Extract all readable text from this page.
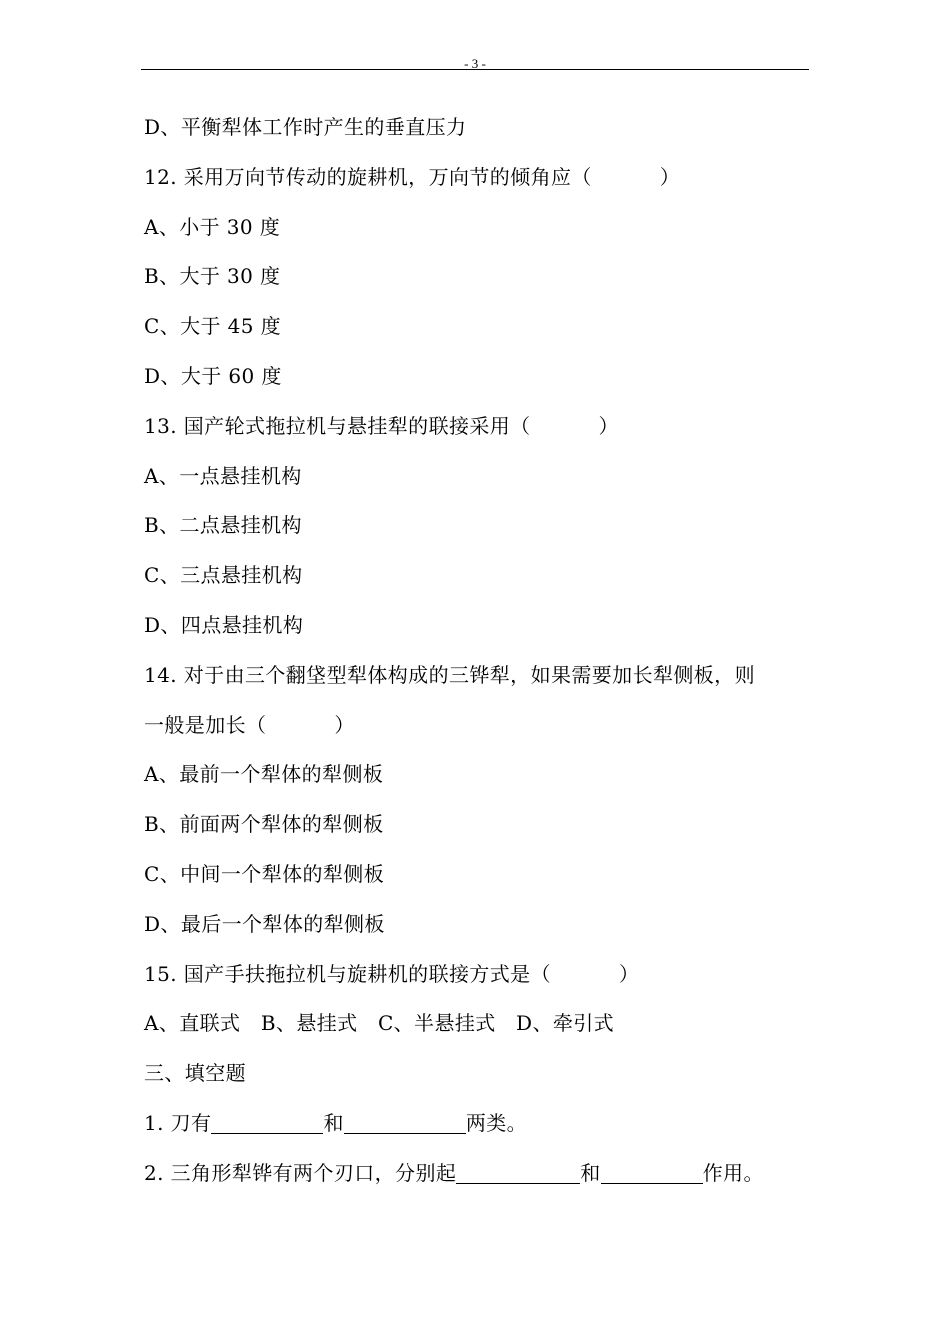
- 3 -
D、平衡犁体工作时产生的垂直压力
12. 采用万向节传动的旋耕机，万向节的倾角应（　　　 ）
A、小于 30 度
B、大于 30 度
C、大于 45 度
D、大于 60 度
13. 国产轮式拖拉机与悬挂犁的联接采用（　　　 ）
A、一点悬挂机构
B、二点悬挂机构
C、三点悬挂机构
D、四点悬挂机构
14. 对于由三个翻垡型犁体构成的三铧犁，如果需要加长犁侧板，则
一般是加长（　　　 ）
A、最前一个犁体的犁侧板
B、前面两个犁体的犁侧板
C、中间一个犁体的犁侧板
D、最后一个犁体的犁侧板
15. 国产手扶拖拉机与旋耕机的联接方式是（　　　 ）
A、直联式　B、悬挂式　C、半悬挂式　D、牵引式
三、填空题
1. 刀有	和	两类。
2. 三角形犁铧有两个刃口，分别起	和	作用。
